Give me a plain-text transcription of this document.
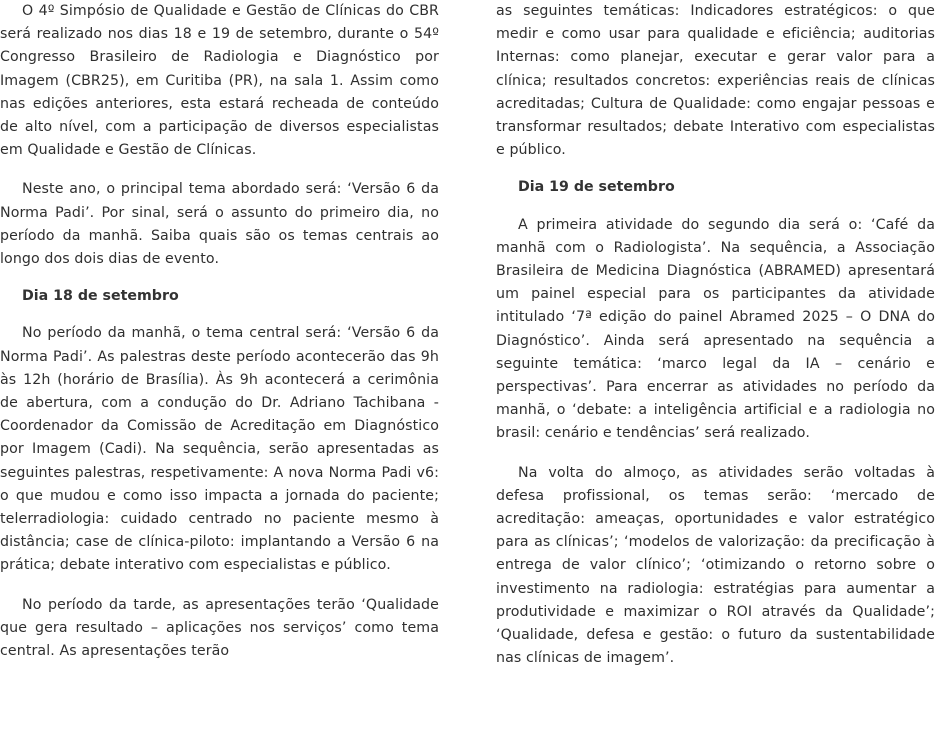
O 4º Simpósio de Qualidade e Gestão de Clínicas do CBR será realizado nos dias 18 e 19 de setembro, durante o 54º Congresso Brasileiro de Radiologia e Diagnóstico por Imagem (CBR25), em Curitiba (PR), na sala 1. Assim como nas edições anteriores, esta estará recheada de conteúdo de alto nível, com a participação de diversos especialistas em Qualidade e Gestão de Clínicas.

Neste ano, o principal tema abordado será: ‘Versão 6 da Norma Padi’. Por sinal, será o assunto do primeiro dia, no período da manhã. Saiba quais são os temas centrais ao longo dos dois dias de evento.

Dia 18 de setembro

No período da manhã, o tema central será: ‘Versão 6 da Norma Padi’. As palestras deste período acontecerão das 9h às 12h (horário de Brasília). Às 9h acontecerá a cerimônia de abertura, com a condução do Dr. Adriano Tachibana - Coordenador da Comissão de Acreditação em Diagnóstico por Imagem (Cadi). Na sequência, serão apresentadas as seguintes palestras, respetivamente: A nova Norma Padi v6: o que mudou e como isso impacta a jornada do paciente; telerradiologia: cuidado centrado no paciente mesmo à distância; case de clínica-piloto: implantando a Versão 6 na prática; debate interativo com especialistas e público.

No período da tarde, as apresentações terão ‘Qualidade que gera resultado – aplicações nos serviços’ como tema central. As apresentações terão

as seguintes temáticas: Indicadores estratégicos: o que medir e como usar para qualidade e eficiência; auditorias Internas: como planejar, executar e gerar valor para a clínica; resultados concretos: experiências reais de clínicas acreditadas; Cultura de Qualidade: como engajar pessoas e transformar resultados; debate Interativo com especialistas e público.

Dia 19 de setembro

A primeira atividade do segundo dia será o: ‘Café da manhã com o Radiologista’. Na sequência, a Associação Brasileira de Medicina Diagnóstica (ABRAMED) apresentará um painel especial para os participantes da atividade intitulado ‘7ª edição do painel Abramed 2025 – O DNA do Diagnóstico’. Ainda será apresentado na sequência a seguinte temática: ‘marco legal da IA – cenário e perspectivas’. Para encerrar as atividades no período da manhã, o ‘debate: a inteligência artificial e a radiologia no brasil: cenário e tendências’ será realizado.

Na volta do almoço, as atividades serão voltadas à defesa profissional, os temas serão: ‘mercado de acreditação: ameaças, oportunidades e valor estratégico para as clínicas’; ‘modelos de valorização: da precificação à entrega de valor clínico’; ‘otimizando o retorno sobre o investimento na radiologia: estratégias para aumentar a produtividade e maximizar o ROI através da Qualidade’; ‘Qualidade, defesa e gestão: o futuro da sustentabilidade nas clínicas de imagem’.
